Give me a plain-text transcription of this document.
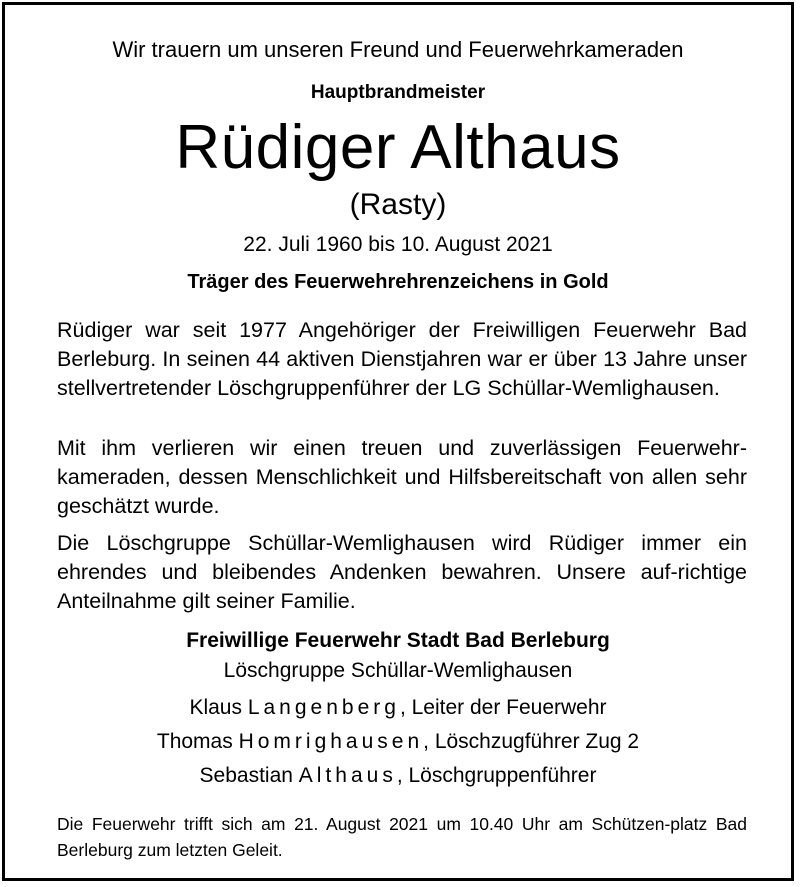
Wir trauern um unseren Freund und Feuerwehrkameraden
Hauptbrandmeister
Rüdiger Althaus
(Rasty)
22. Juli 1960 bis 10. August 2021
Träger des Feuerwehrehrenzeichens in Gold

Rüdiger war seit 1977 Angehöriger der Freiwilligen Feuerwehr Bad Berleburg. In seinen 44 aktiven Dienstjahren war er über 13 Jahre unser stellvertretender Löschgruppenführer der LG Schüllar-Wemlighausen.

Mit ihm verlieren wir einen treuen und zuverlässigen Feuerwehr-kameraden, dessen Menschlichkeit und Hilfsbereitschaft von allen sehr geschätzt wurde.

Die Löschgruppe Schüllar-Wemlighausen wird Rüdiger immer ein ehrendes und bleibendes Andenken bewahren. Unsere auf-richtige Anteilnahme gilt seiner Familie.

Freiwillige Feuerwehr Stadt Bad Berleburg
Löschgruppe Schüllar-Wemlighausen
Klaus Langenberg, Leiter der Feuerwehr
Thomas Homrighausen, Löschzugführer Zug 2
Sebastian Althaus, Löschgruppenführer

Die Feuerwehr trifft sich am 21. August 2021 um 10.40 Uhr am Schützen-platz Bad Berleburg zum letzten Geleit.
